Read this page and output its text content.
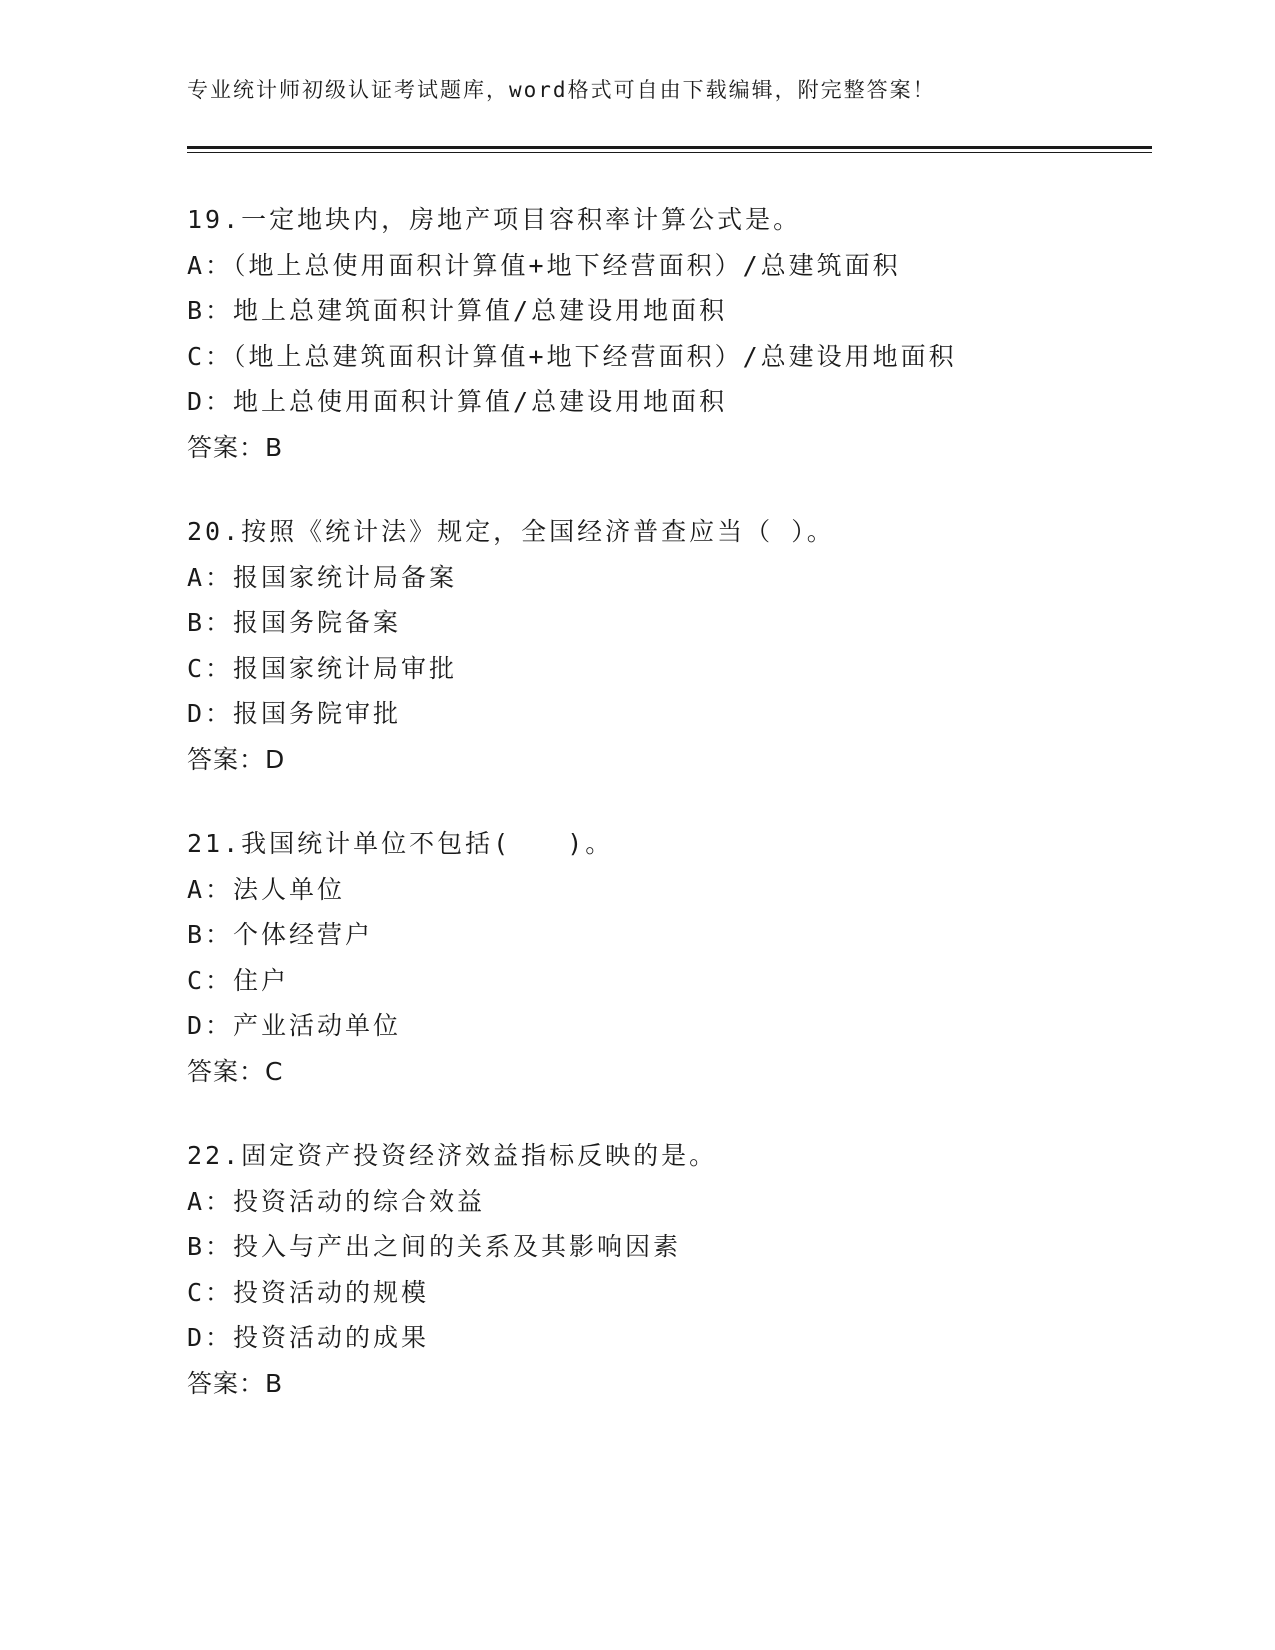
专业统计师初级认证考试题库，word格式可自由下载编辑，附完整答案！
19.一定地块内，房地产项目容积率计算公式是。
A：（地上总使用面积计算值+地下经营面积）/总建筑面积
B：地上总建筑面积计算值/总建设用地面积
C：（地上总建筑面积计算值+地下经营面积）/总建设用地面积
D：地上总使用面积计算值/总建设用地面积
答案：B
20.按照《统计法》规定，全国经济普查应当（ ）。
A：报国家统计局备案
B：报国务院备案
C：报国家统计局审批
D：报国务院审批
答案：D
21.我国统计单位不包括(　　)。
A：法人单位
B：个体经营户
C：住户
D：产业活动单位
答案：C
22.固定资产投资经济效益指标反映的是。
A：投资活动的综合效益
B：投入与产出之间的关系及其影响因素
C：投资活动的规模
D：投资活动的成果
答案：B
